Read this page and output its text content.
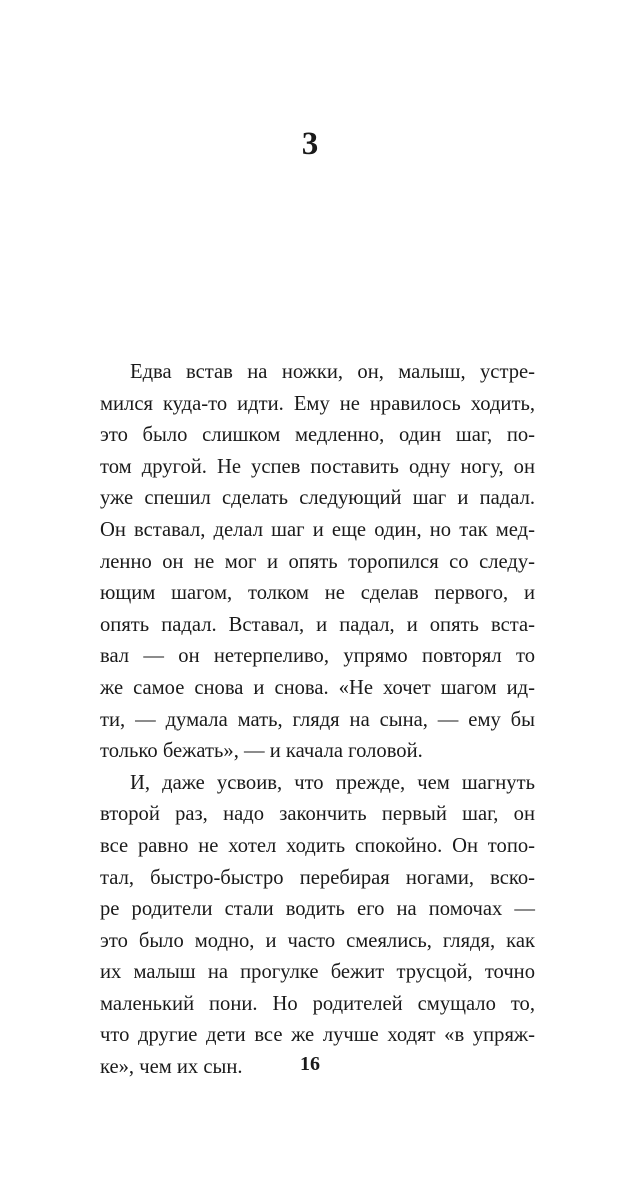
3

Едва встав на ножки, он, малыш, устре-
мился куда-то идти. Ему не нравилось ходить,
это было слишком медленно, один шаг, по-
том другой. Не успев поставить одну ногу, он
уже спешил сделать следующий шаг и падал.
Он вставал, делал шаг и еще один, но так мед-
ленно он не мог и опять торопился со следу-
ющим шагом, толком не сделав первого, и
опять падал. Вставал, и падал, и опять вста-
вал — он нетерпеливо, упрямо повторял то
же самое снова и снова. «Не хочет шагом ид-
ти, — думала мать, глядя на сына, — ему бы
только бежать», — и качала головой.

И, даже усвоив, что прежде, чем шагнуть
второй раз, надо закончить первый шаг, он
все равно не хотел ходить спокойно. Он топо-
тал, быстро-быстро перебирая ногами, вско-
ре родители стали водить его на помочах —
это было модно, и часто смеялись, глядя, как
их малыш на прогулке бежит трусцой, точно
маленький пони. Но родителей смущало то,
что другие дети все же лучше ходят «в упряж-
ке», чем их сын.	16
